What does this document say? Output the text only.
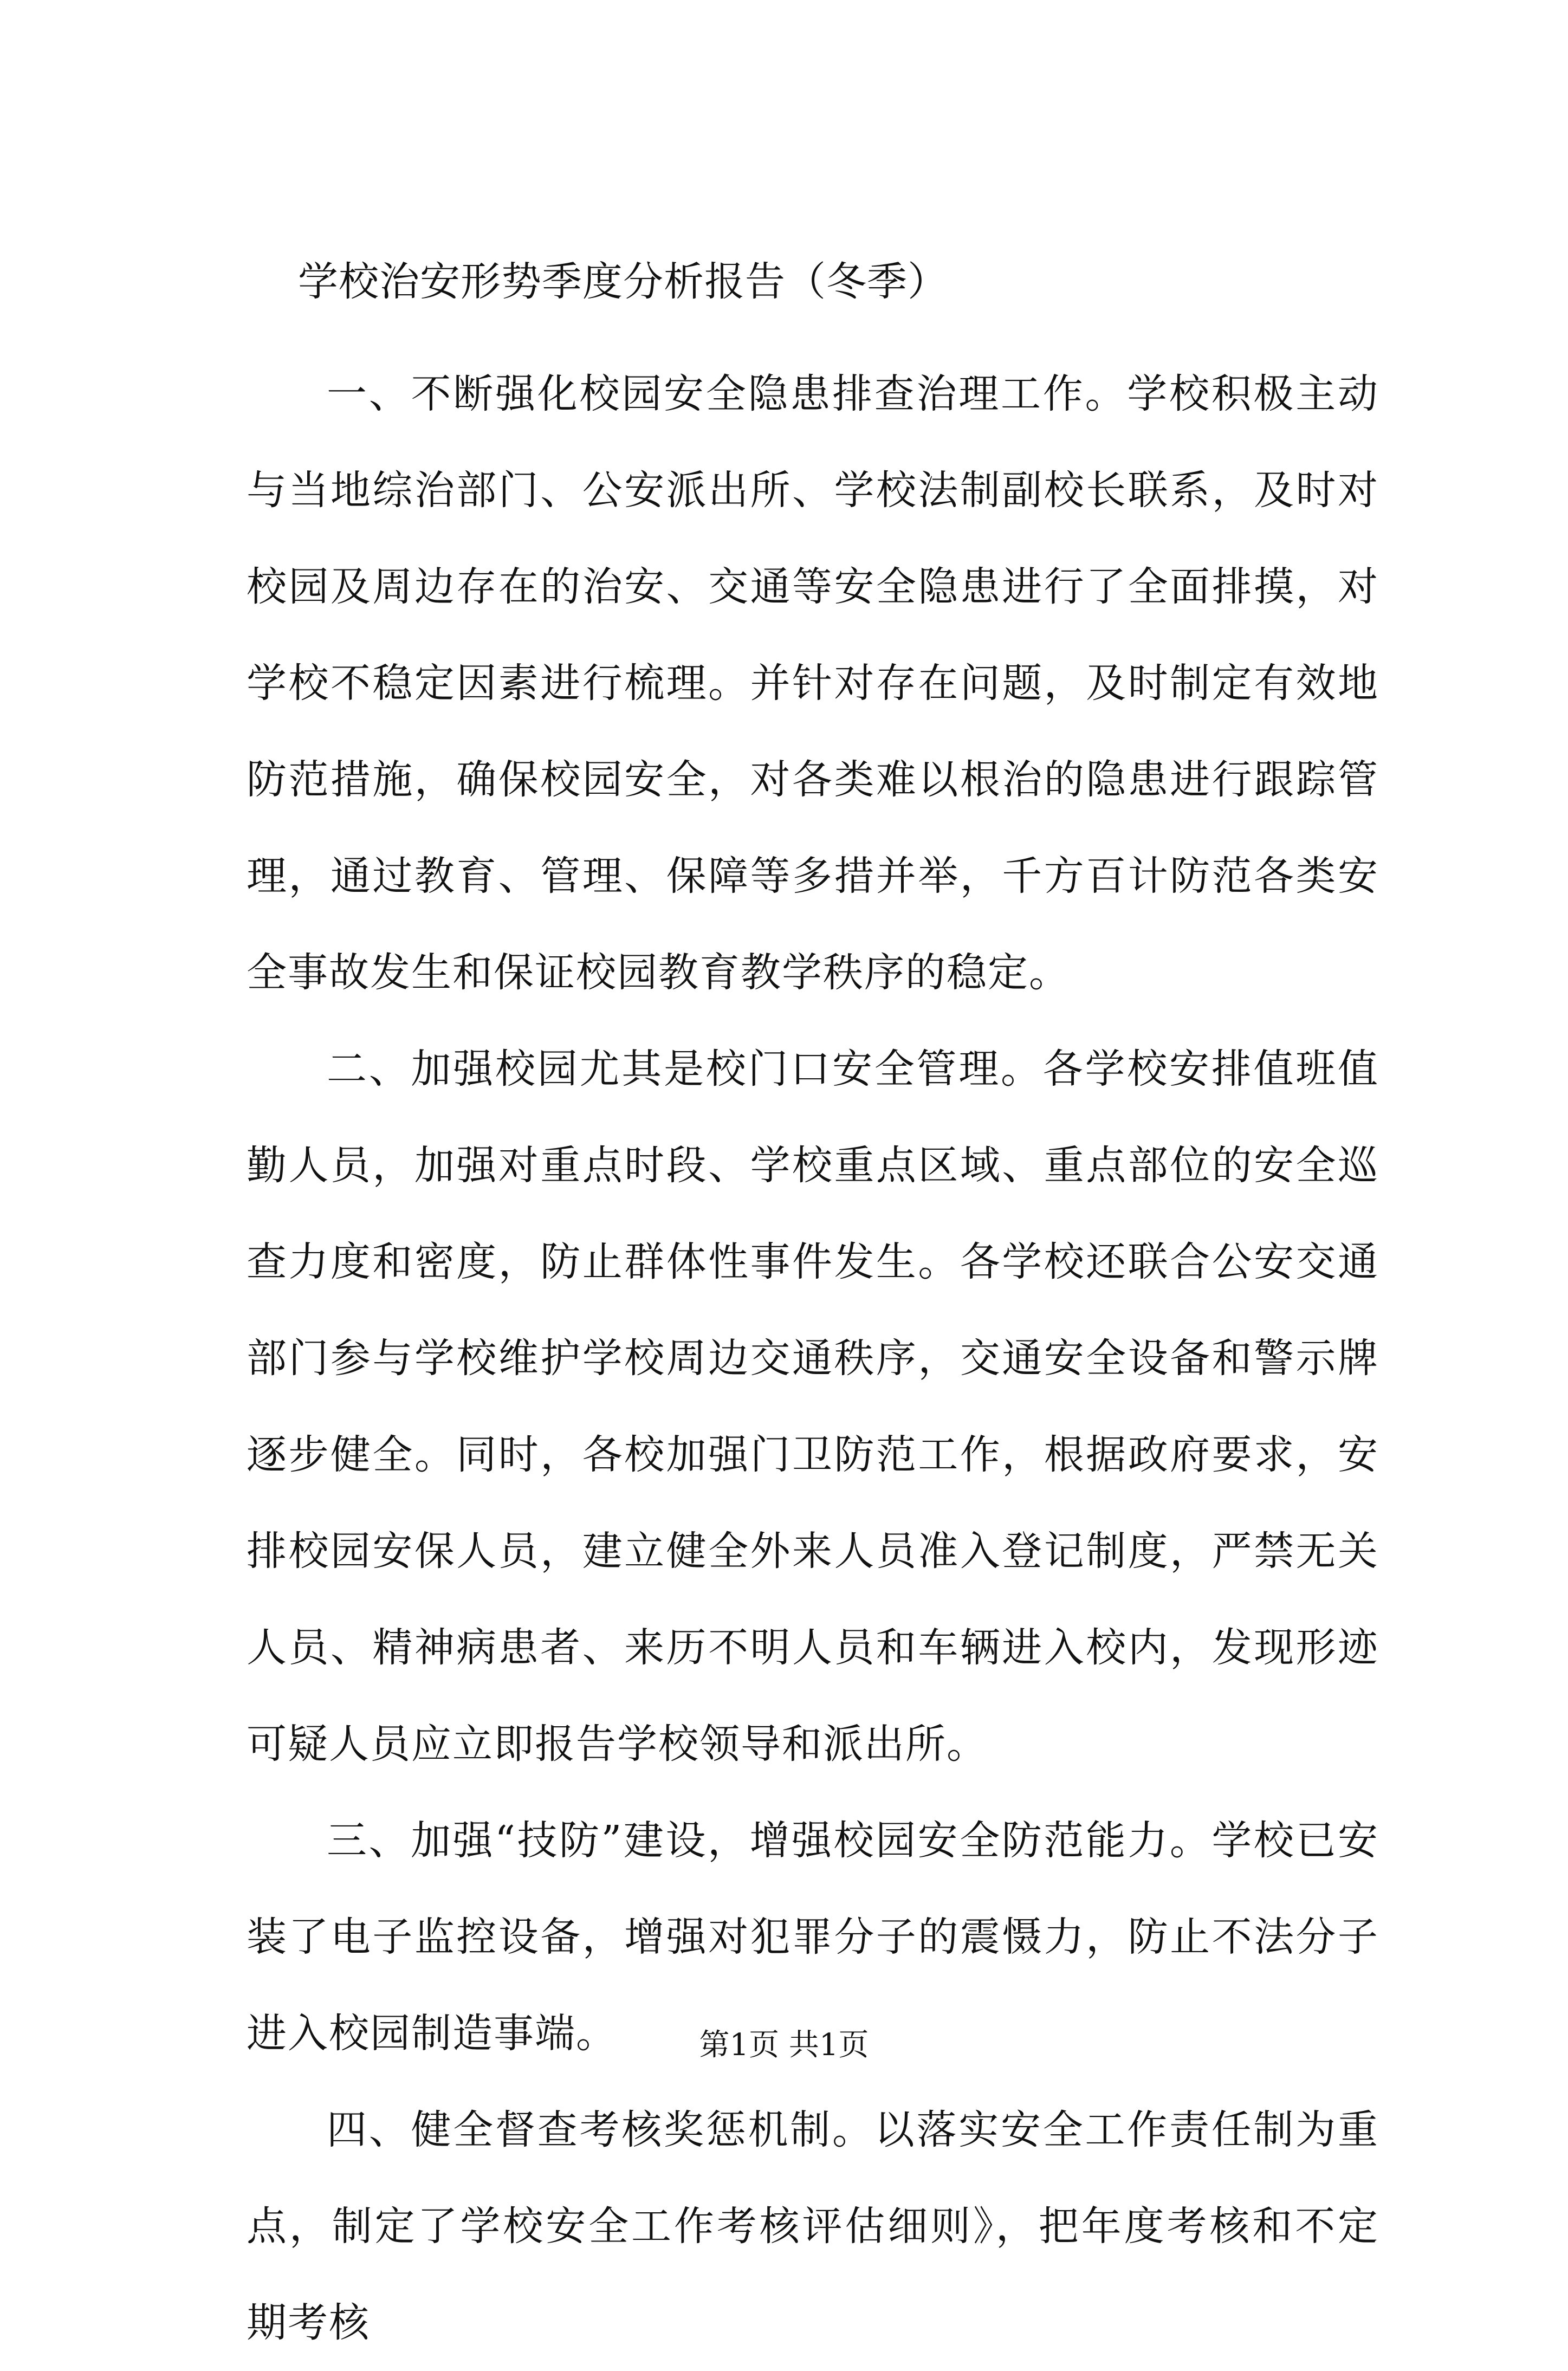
学校治安形势季度分析报告（冬季）

一、不断强化校园安全隐患排查治理工作。学校积极主动与当地综治部门、公安派出所、学校法制副校长联系，及时对校园及周边存在的治安、交通等安全隐患进行了全面排摸，对学校不稳定因素进行梳理。并针对存在问题，及时制定有效地防范措施，确保校园安全，对各类难以根治的隐患进行跟踪管理，通过教育、管理、保障等多措并举，千方百计防范各类安全事故发生和保证校园教育教学秩序的稳定。

二、加强校园尤其是校门口安全管理。各学校安排值班值勤人员，加强对重点时段、学校重点区域、重点部位的安全巡查力度和密度，防止群体性事件发生。各学校还联合公安交通部门参与学校维护学校周边交通秩序，交通安全设备和警示牌逐步健全。同时，各校加强门卫防范工作，根据政府要求，安排校园安保人员，建立健全外来人员准入登记制度，严禁无关人员、精神病患者、来历不明人员和车辆进入校内，发现形迹可疑人员应立即报告学校领导和派出所。

三、加强“技防”建设，增强校园安全防范能力。学校已安装了电子监控设备，增强对犯罪分子的震慑力，防止不法分子进入校园制造事端。

四、健全督查考核奖惩机制。以落实安全工作责任制为重点，制定了学校安全工作考核评估细则》，把年度考核和不定期考核

第1页 共1页
